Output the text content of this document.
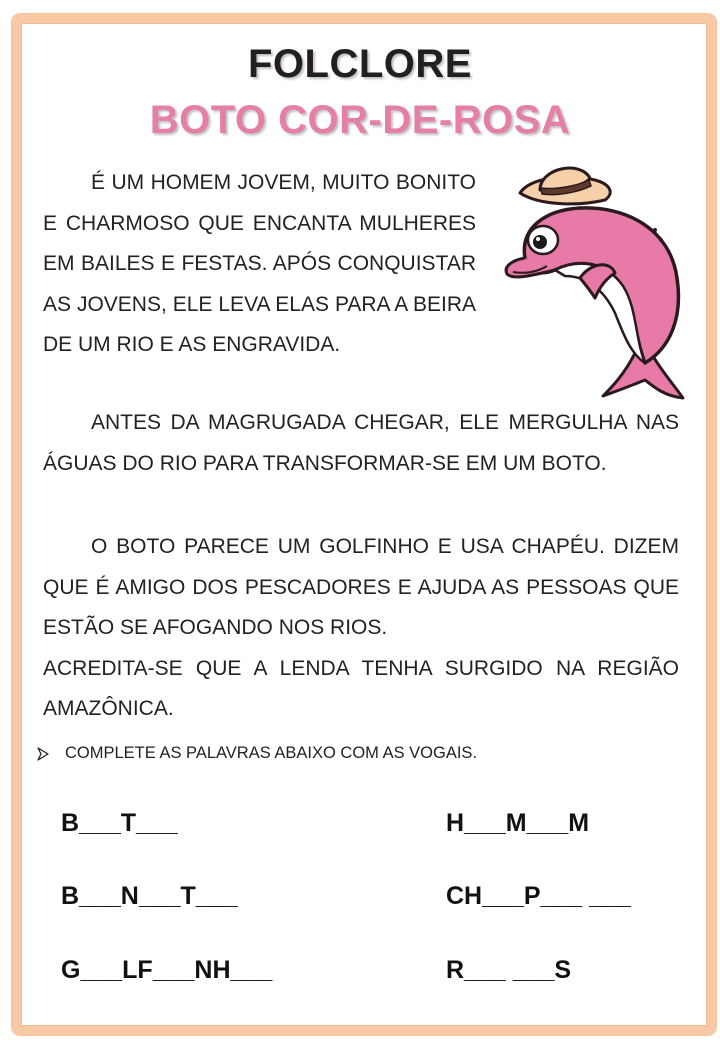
FOLCLORE
BOTO COR-DE-ROSA

É UM HOMEM JOVEM, MUITO BONITO E CHARMOSO QUE ENCANTA MULHERES EM BAILES E FESTAS. APÓS CONQUISTAR AS JOVENS, ELE LEVA ELAS PARA A BEIRA DE UM RIO E AS ENGRAVIDA.

ANTES DA MAGRUGADA CHEGAR, ELE MERGULHA NAS ÁGUAS DO RIO PARA TRANSFORMAR-SE EM UM BOTO.

O BOTO PARECE UM GOLFINHO E USA CHAPÉU. DIZEM QUE É AMIGO DOS PESCADORES E AJUDA AS PESSOAS QUE ESTÃO SE AFOGANDO NOS RIOS.

ACREDITA-SE QUE A LENDA TENHA SURGIDO NA REGIÃO AMAZÔNICA.

COMPLETE AS PALAVRAS ABAIXO COM AS VOGAIS.
B___T___
B___N___T___
G___LF___NH___
H___M___M
CH___P___ ___
R___ ___S
